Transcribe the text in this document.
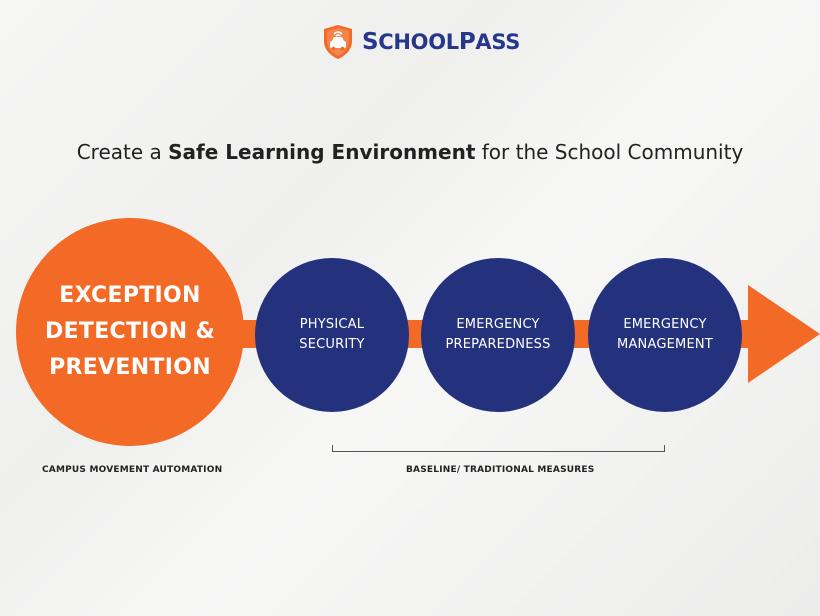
SCHOOLPASS
Create a Safe Learning Environment for the School Community
EXCEPTION
DETECTION &
PREVENTION
PHYSICAL
SECURITY
EMERGENCY
PREPAREDNESS
EMERGENCY
MANAGEMENT
CAMPUS MOVEMENT AUTOMATION	BASELINE/ TRADITIONAL MEASURES
